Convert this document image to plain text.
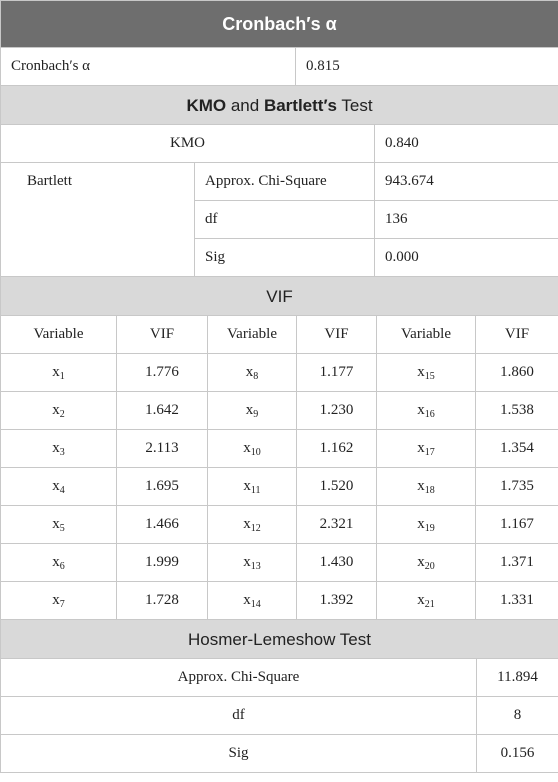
Cronbach′s α
Cronbach′s α	0.815
KMO and Bartlett′s Test		
KMO		0.840
Bartlett	Approx. Chi-Square	943.674
	df	136
	Sig	0.000
VIF					
Variable	VIF	Variable	VIF	Variable	VIF
$x_1$	1.776	$x_8$	1.177	$x_{15}$	1.860
$x_2$	1.642	$x_9$	1.230	$x_{16}$	1.538
$x_3$	2.113	$x_{10}$	1.162	$x_{17}$	1.354
$x_4$	1.695	$x_{11}$	1.520	$x_{18}$	1.735
$x_5$	1.466	$x_{12}$	2.321	$x_{19}$	1.167
$x_6$	1.999	$x_{13}$	1.430	$x_{20}$	1.371
$x_7$	1.728	$x_{14}$	1.392	$x_{21}$	1.331
Hosmer-Lemeshow Test	
Approx. Chi-Square	11.894
df	8
Sig	0.156
